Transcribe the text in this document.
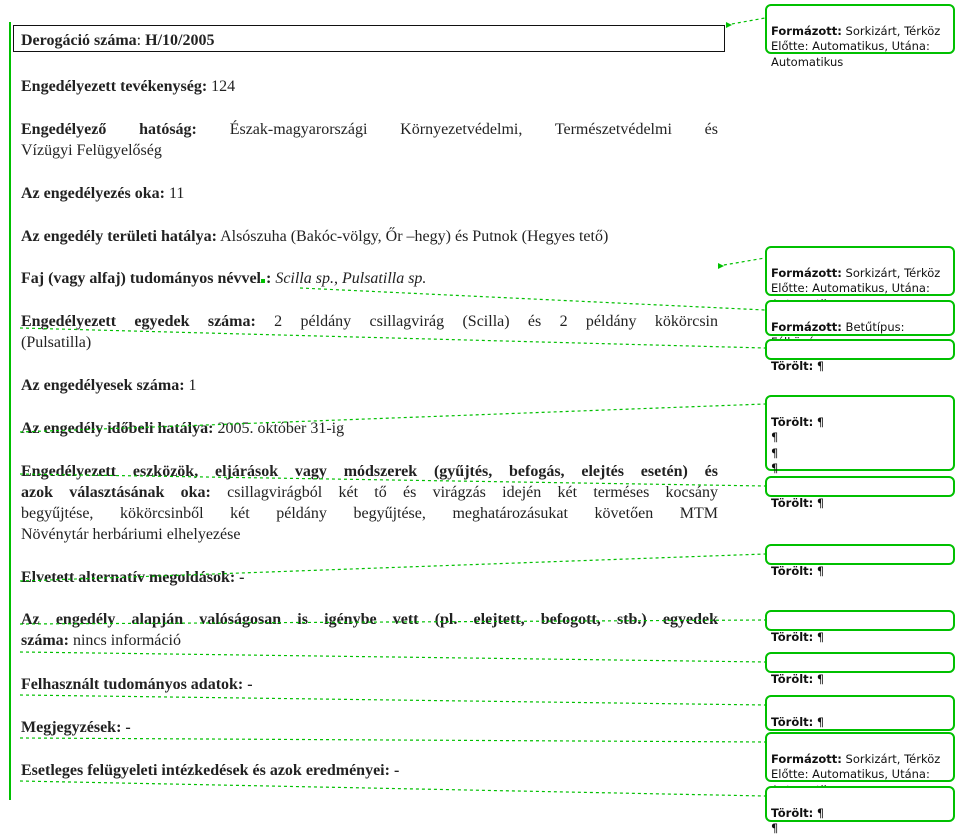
Derogáció száma: H/10/2005
Engedélyezett tevékenység: 124
Engedélyező hatóság: Észak-magyarországi Környezetvédelmi, Természetvédelmi és
Vízügyi Felügyelőség
Az engedélyezés oka: 11
Az engedély területi hatálya: Alsószuha (Bakóc-völgy, Őr –hegy) és Putnok (Hegyes tető)
Faj (vagy alfaj) tudományos névvel : Scilla sp., Pulsatilla sp.
Engedélyezett egyedek száma: 2 példány csillagvirág (Scilla) és 2 példány kökörcsin
(Pulsatilla)
Az engedélyesek száma: 1
Az engedély időbeli hatálya: 2005. október 31-ig
Engedélyezett eszközök, eljárások vagy módszerek (gyűjtés, befogás, elejtés esetén) és
azok választásának oka: csillagvirágból két tő és virágzás idején két terméses kocsány
begyűjtése, kökörcsinből két példány begyűjtése, meghatározásukat követően MTM
Növénytár herbáriumi elhelyezése
Elvetett alternatív megoldások: -
Az engedély alapján valóságosan is igénybe vett (pl. elejtett, befogott, stb.) egyedek
száma: nincs információ
Felhasznált tudományos adatok: -
Megjegyzések: -
Esetleges felügyeleti intézkedések és azok eredményei: -

Formázott: Sorkizárt, Térköz Előtte: Automatikus, Utána: Automatikus

Formázott: Sorkizárt, Térköz Előtte: Automatikus, Utána:

Formázott: Betűtípus:

Törölt: ¶

Törölt: ¶
¶
¶
¶

Törölt: ¶

Törölt: ¶

Törölt: ¶

Törölt: ¶

Törölt: ¶

Formázott: Sorkizárt, Térköz Előtte: Automatikus, Utána:

Törölt: ¶
¶
